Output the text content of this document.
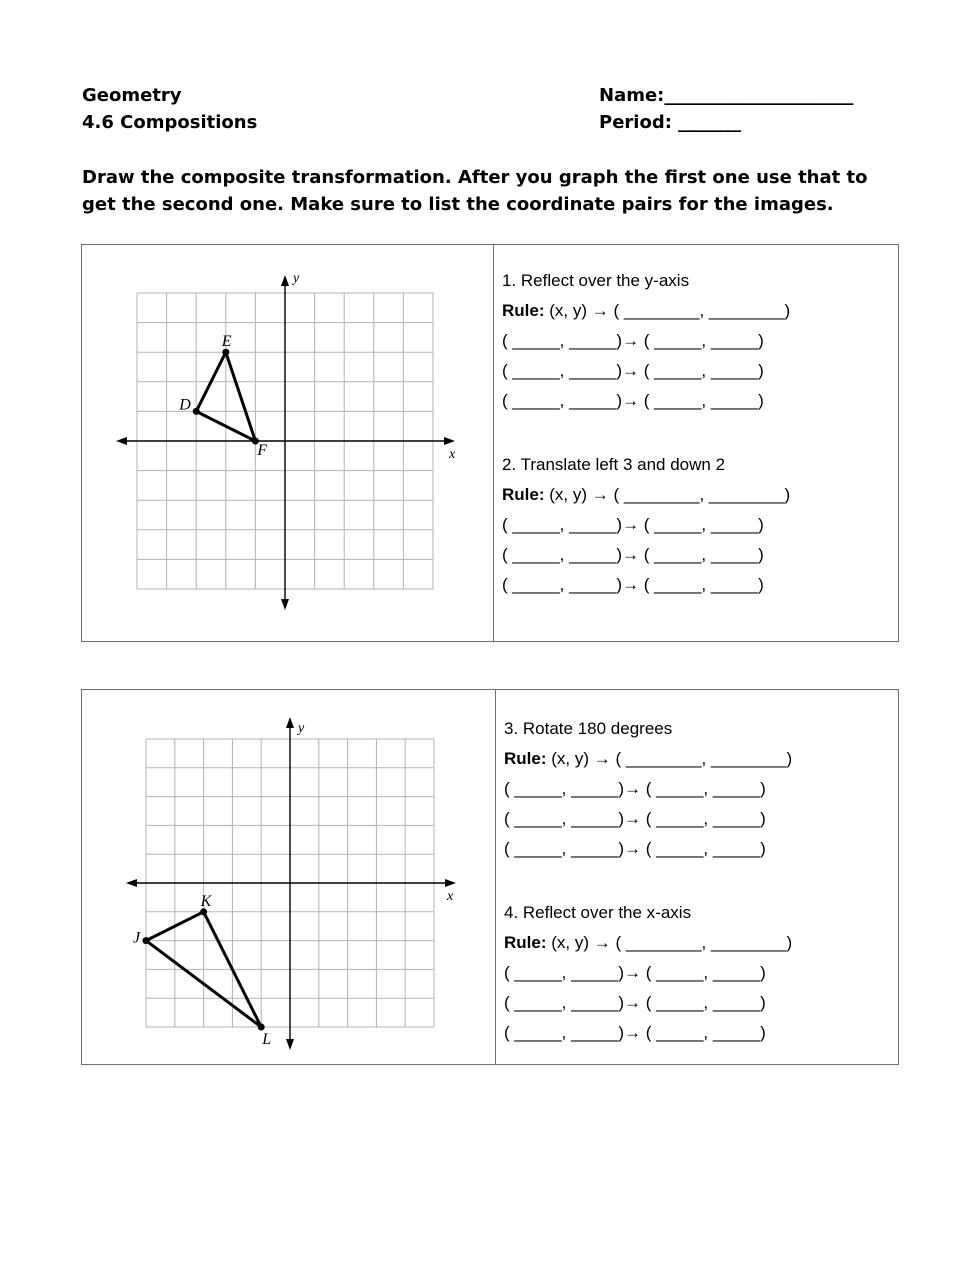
Geometry
4.6 Compositions
Name:_____________________
Period: _______
Draw the composite transformation. After you graph the first one use that to get the second one. Make sure to list the coordinate pairs for the images.
x
y
D
E
F
1. Reflect over the y-axis
Rule: (x, y) → ( ________, ________)
( _____, _____)→ ( _____, _____)
( _____, _____)→ ( _____, _____)
( _____, _____)→ ( _____, _____)
2. Translate left 3 and down 2
Rule: (x, y) → ( ________, ________)
( _____, _____)→ ( _____, _____)
( _____, _____)→ ( _____, _____)
( _____, _____)→ ( _____, _____)
x
y
J
K
L
3. Rotate 180 degrees
Rule: (x, y) → ( ________, ________)
( _____, _____)→ ( _____, _____)
( _____, _____)→ ( _____, _____)
( _____, _____)→ ( _____, _____)
4. Reflect over the x-axis
Rule: (x, y) → ( ________, ________)
( _____, _____)→ ( _____, _____)
( _____, _____)→ ( _____, _____)
( _____, _____)→ ( _____, _____)
